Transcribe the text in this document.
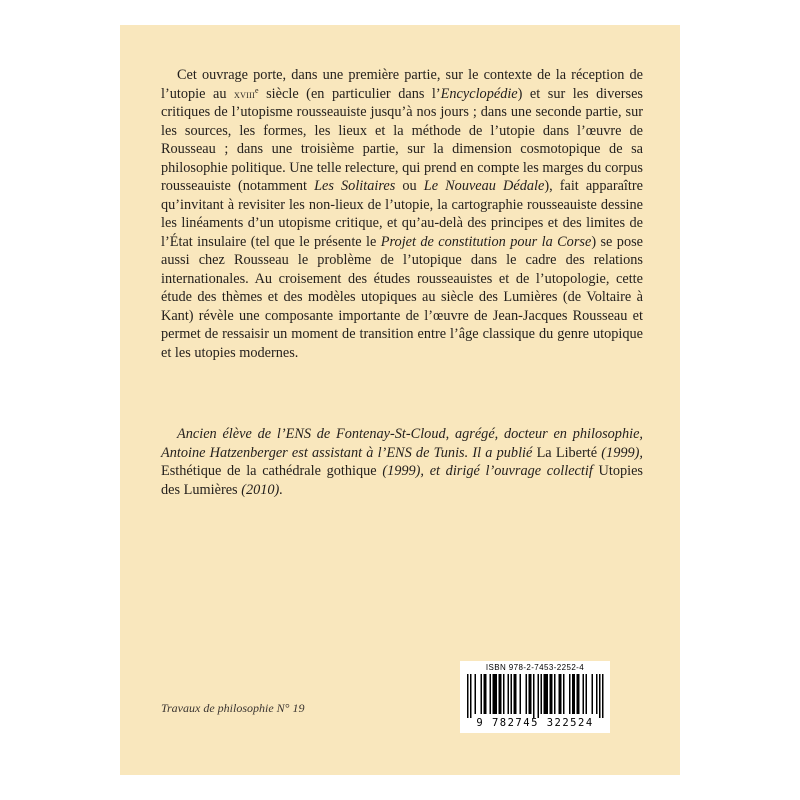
Cet ouvrage porte, dans une première partie, sur le contexte de la réception de l’utopie au xviii$^e$ siècle (en particulier dans l’Encyclopédie) et sur les diverses critiques de l’utopisme rousseauiste jusqu’à nos jours ; dans une seconde partie, sur les sources, les formes, les lieux et la méthode de l’utopie dans l’œuvre de Rousseau ; dans une troisième partie, sur la dimension cosmotopique de sa philosophie politique. Une telle relecture, qui prend en compte les marges du corpus rousseauiste (notamment Les Solitaires ou Le Nouveau Dédale), fait apparaître qu’invitant à revisiter les non-lieux de l’utopie, la cartographie rousseauiste dessine les linéaments d’un utopisme critique, et qu’au-delà des principes et des limites de l’État insulaire (tel que le présente le Projet de constitution pour la Corse) se pose aussi chez Rousseau le problème de l’utopique dans le cadre des relations internationales. Au croisement des études rousseauistes et de l’utopologie, cette étude des thèmes et des modèles utopiques au siècle des Lumières (de Voltaire à Kant) révèle une composante importante de l’œuvre de Jean-Jacques Rousseau et permet de ressaisir un moment de transition entre l’âge classique du genre utopique et les utopies modernes.

Ancien élève de l’ENS de Fontenay-St-Cloud, agrégé, docteur en philosophie, Antoine Hatzenberger est assistant à l’ENS de Tunis. Il a publié La Liberté (1999), Esthétique de la cathédrale gothique (1999), et dirigé l’ouvrage collectif Utopies des Lumières (2010).

Travaux de philosophie N° 19
ISBN 978-2-7453-2252-4
9 782745 322524
